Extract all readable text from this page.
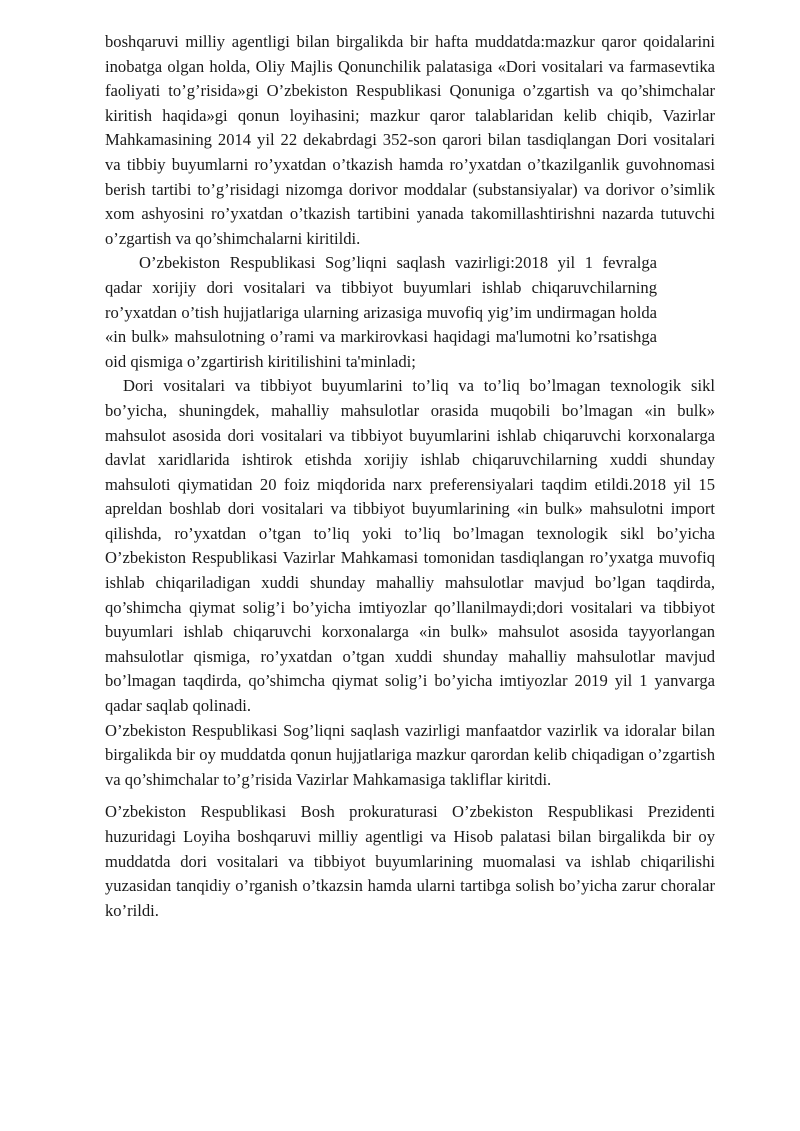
boshqaruvi milliy agentligi bilan birgalikda bir hafta muddatda:mazkur qaror qoidalarini inobatga olgan holda, Oliy Majlis Qonunchilik palatasiga «Dori vositalari va farmasevtika faoliyati to’g’risida»gi O’zbekiston Respublikasi Qonuniga o’zgartish va qo’shimchalar kiritish haqida»gi qonun loyihasini; mazkur qaror talablaridan kelib chiqib, Vazirlar Mahkamasining 2014 yil 22 dekabrdagi 352-son qarori bilan tasdiqlangan Dori vositalari va tibbiy buyumlarni ro’yxatdan o’tkazish hamda ro’yxatdan o’tkazilganlik guvohnomasi berish tartibi to’g’risidagi nizomga dorivor moddalar (substansiyalar) va dorivor o’simlik xom ashyosini ro’yxatdan o’tkazish tartibini yanada takomillashtirishni nazarda tutuvchi o’zgartish va qo’shimchalarni kiritildi.

O’zbekiston Respublikasi Sog’liqni saqlash vazirligi:2018 yil 1 fevralga qadar xorijiy dori vositalari va tibbiyot buyumlari ishlab chiqaruvchilarning ro’yxatdan o’tish hujjatlariga ularning arizasiga muvofiq yig’im undirmagan holda «in bulk» mahsulotning o’rami va markirovkasi haqidagi ma'lumotni ko’rsatishga oid qismiga o’zgartirish kiritilishini ta'minladi;

Dori vositalari va tibbiyot buyumlarini to’liq va to’liq bo’lmagan texnologik sikl bo’yicha, shuningdek, mahalliy mahsulotlar orasida muqobili bo’lmagan «in bulk» mahsulot asosida dori vositalari va tibbiyot buyumlarini ishlab chiqaruvchi korxonalarga davlat xaridlarida ishtirok etishda xorijiy ishlab chiqaruvchilarning xuddi shunday mahsuloti qiymatidan 20 foiz miqdorida narx preferensiyalari taqdim etildi.2018 yil 15 apreldan boshlab dori vositalari va tibbiyot buyumlarining «in bulk» mahsulotni import qilishda, ro’yxatdan o’tgan to’liq yoki to’liq bo’lmagan texnologik sikl bo’yicha O’zbekiston Respublikasi Vazirlar Mahkamasi tomonidan tasdiqlangan ro’yxatga muvofiq ishlab chiqariladigan xuddi shunday mahalliy mahsulotlar mavjud bo’lgan taqdirda, qo’shimcha qiymat solig’i bo’yicha imtiyozlar qo’llanilmaydi;dori vositalari va tibbiyot buyumlari ishlab chiqaruvchi korxonalarga «in bulk» mahsulot asosida tayyorlangan mahsulotlar qismiga, ro’yxatdan o’tgan xuddi shunday mahalliy mahsulotlar mavjud bo’lmagan taqdirda, qo’shimcha qiymat solig’i bo’yicha imtiyozlar 2019 yil 1 yanvarga qadar saqlab qolinadi.

O’zbekiston Respublikasi Sog’liqni saqlash vazirligi manfaatdor vazirlik va idoralar bilan birgalikda bir oy muddatda qonun hujjatlariga mazkur qarordan kelib chiqadigan o’zgartish va qo’shimchalar to’g’risida Vazirlar Mahkamasiga takliflar kiritdi.

O’zbekiston Respublikasi Bosh prokuraturasi O’zbekiston Respublikasi Prezidenti huzuridagi Loyiha boshqaruvi milliy agentligi va Hisob palatasi bilan birgalikda bir oy muddatda dori vositalari va tibbiyot buyumlarining muomalasi va ishlab chiqarilishi yuzasidan tanqidiy o’rganish o’tkazsin hamda ularni tartibga solish bo’yicha zarur choralar ko’rildi.
